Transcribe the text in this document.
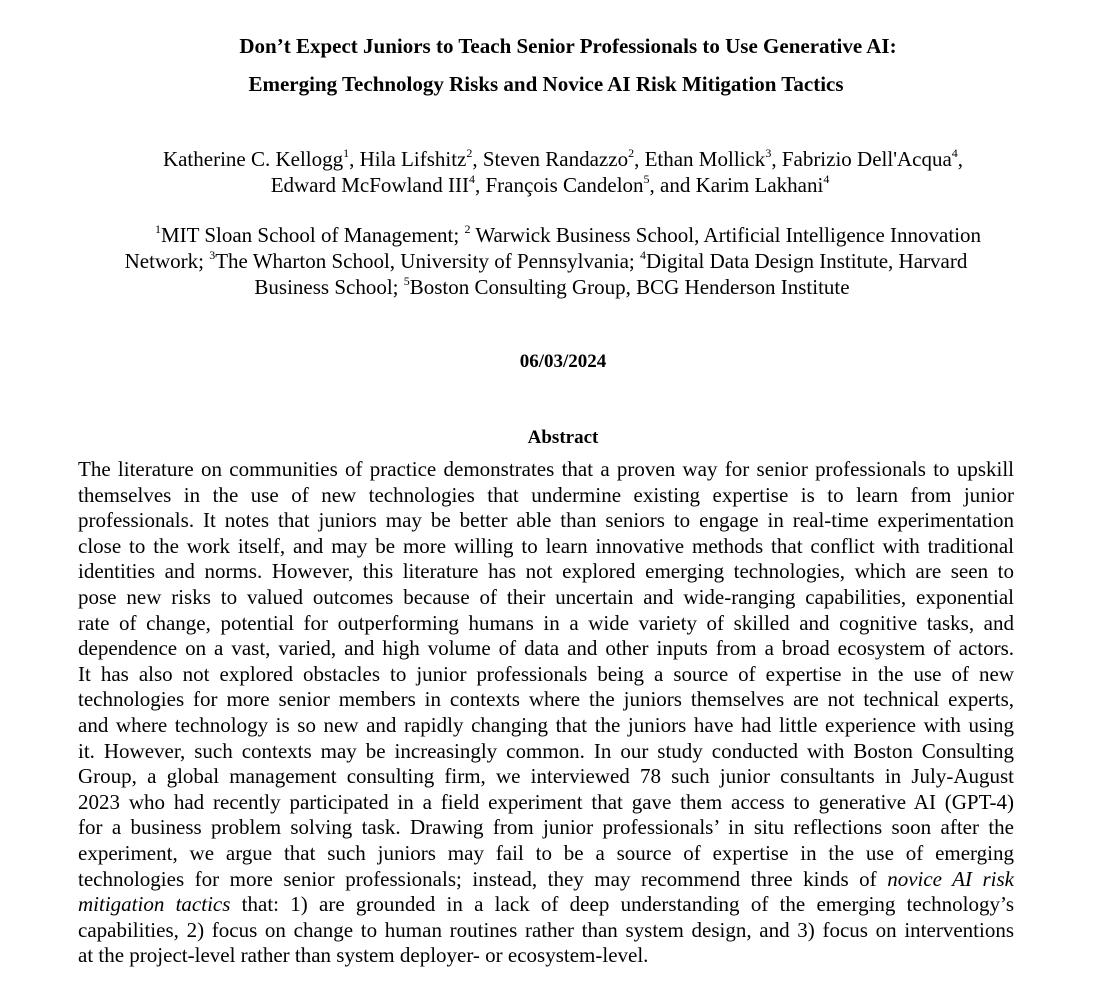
Don’t Expect Juniors to Teach Senior Professionals to Use Generative AI:
Emerging Technology Risks and Novice AI Risk Mitigation Tactics
Katherine C. Kellogg$^1$, Hila Lifshitz$^2$, Steven Randazzo$^2$, Ethan Mollick$^3$, Fabrizio Dell'Acqua$^4$,
Edward McFowland III$^4$, François Candelon$^5$, and Karim Lakhani$^4$
$^1$MIT Sloan School of Management; $^2$ Warwick Business School, Artificial Intelligence Innovation
Network; $^3$The Wharton School, University of Pennsylvania; $^4$Digital Data Design Institute, Harvard
Business School; $^5$Boston Consulting Group, BCG Henderson Institute
06/03/2024
Abstract
The literature on communities of practice demonstrates that a proven way for senior professionals to upskill
themselves in the use of new technologies that undermine existing expertise is to learn from junior
professionals. It notes that juniors may be better able than seniors to engage in real-time experimentation
close to the work itself, and may be more willing to learn innovative methods that conflict with traditional
identities and norms. However, this literature has not explored emerging technologies, which are seen to
pose new risks to valued outcomes because of their uncertain and wide-ranging capabilities, exponential
rate of change, potential for outperforming humans in a wide variety of skilled and cognitive tasks, and
dependence on a vast, varied, and high volume of data and other inputs from a broad ecosystem of actors.
It has also not explored obstacles to junior professionals being a source of expertise in the use of new
technologies for more senior members in contexts where the juniors themselves are not technical experts,
and where technology is so new and rapidly changing that the juniors have had little experience with using
it. However, such contexts may be increasingly common. In our study conducted with Boston Consulting
Group, a global management consulting firm, we interviewed 78 such junior consultants in July-August
2023 who had recently participated in a field experiment that gave them access to generative AI (GPT-4)
for a business problem solving task. Drawing from junior professionals’ in situ reflections soon after the
experiment, we argue that such juniors may fail to be a source of expertise in the use of emerging
technologies for more senior professionals; instead, they may recommend three kinds of novice AI risk
mitigation tactics that: 1) are grounded in a lack of deep understanding of the emerging technology’s
capabilities, 2) focus on change to human routines rather than system design, and 3) focus on interventions
at the project-level rather than system deployer- or ecosystem-level.
